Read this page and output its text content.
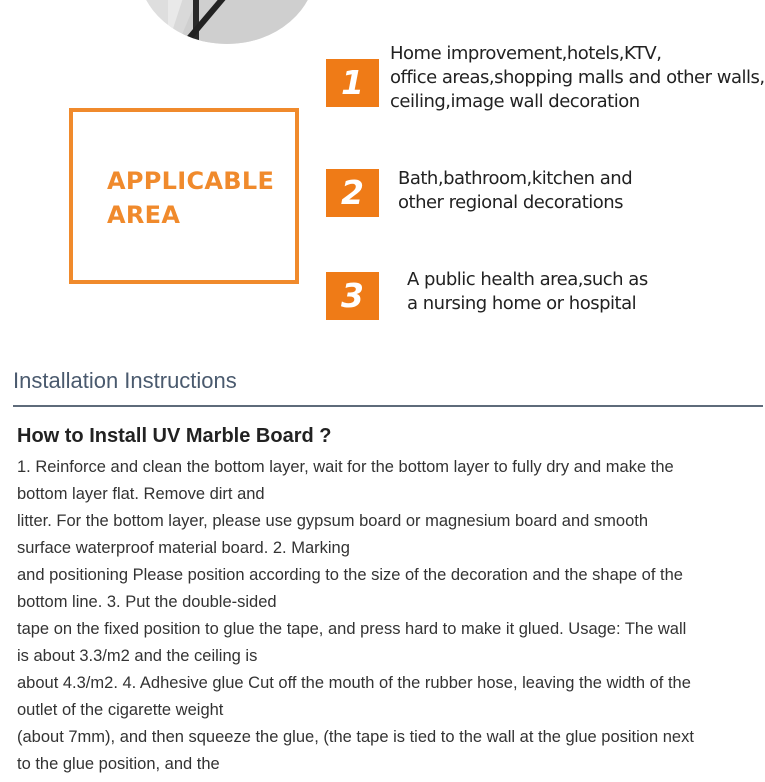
APPLICABLE
AREA
1
Home improvement,hotels,KTV,
office areas,shopping malls and other walls,
ceiling,image wall decoration
2	Bath,bathroom,kitchen and
other regional decorations
3	A public health area,such as
a nursing home or hospital
Installation Instructions
How to Install UV Marble Board ?

1. Reinforce and clean the bottom layer, wait for the bottom layer to fully dry and make the

bottom layer flat. Remove dirt and

litter. For the bottom layer, please use gypsum board or magnesium board and smooth

surface waterproof material board. 2. Marking

and positioning Please position according to the size of the decoration and the shape of the

bottom line. 3. Put the double-sided

tape on the fixed position to glue the tape, and press hard to make it glued. Usage: The wall

is about 3.3/m2 and the ceiling is

about 4.3/m2. 4. Adhesive glue Cut off the mouth of the rubber hose, leaving the width of the

outlet of the cigarette weight

(about 7mm), and then squeeze the glue, (the tape is tied to the wall at the glue position next

to the glue position, and the
